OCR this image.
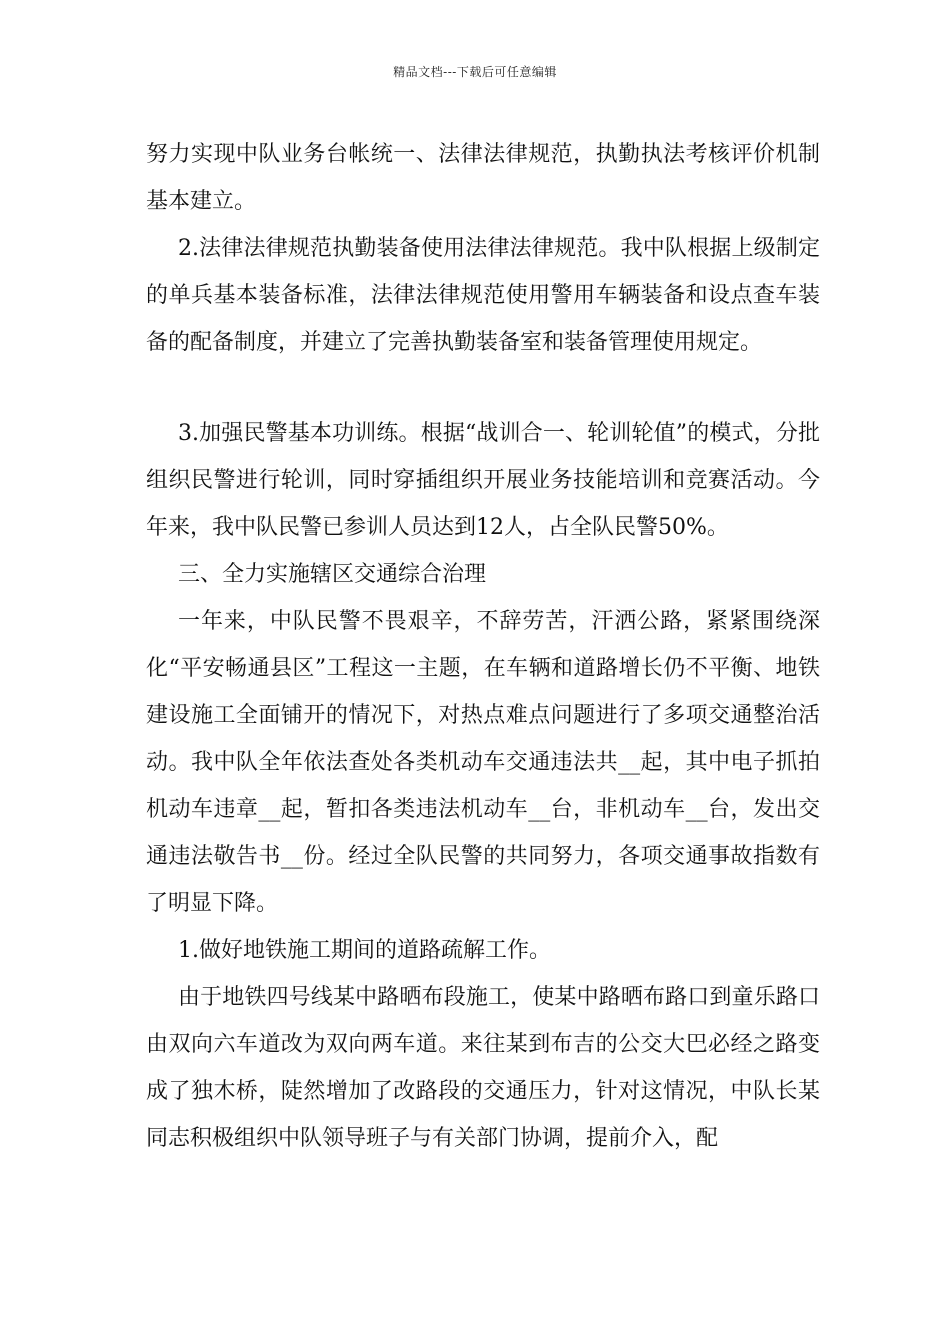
精品文档---下载后可任意编辑

努力实现中队业务台帐统一、法律法律规范，执勤执法考核评价机制基本建立。

2.法律法律规范执勤装备使用法律法律规范。我中队根据上级制定的单兵基本装备标准，法律法律规范使用警用车辆装备和设点查车装备的配备制度，并建立了完善执勤装备室和装备管理使用规定。

3.加强民警基本功训练。根据“战训合一、轮训轮值”的模式，分批组织民警进行轮训，同时穿插组织开展业务技能培训和竞赛活动。今年来，我中队民警已参训人员达到12人，占全队民警50%。

三、全力实施辖区交通综合治理

一年来，中队民警不畏艰辛，不辞劳苦，汗洒公路，紧紧围绕深化“平安畅通县区”工程这一主题，在车辆和道路增长仍不平衡、地铁建设施工全面铺开的情况下，对热点难点问题进行了多项交通整治活动。我中队全年依法查处各类机动车交通违法共__起，其中电子抓拍机动车违章__起，暂扣各类违法机动车__台，非机动车__台，发出交通违法敬告书__份。经过全队民警的共同努力，各项交通事故指数有了明显下降。

1.做好地铁施工期间的道路疏解工作。

由于地铁四号线某中路晒布段施工，使某中路晒布路口到童乐路口由双向六车道改为双向两车道。来往某到布吉的公交大巴必经之路变成了独木桥，陡然增加了改路段的交通压力，针对这情况，中队长某同志积极组织中队领导班子与有关部门协调，提前介入，配
